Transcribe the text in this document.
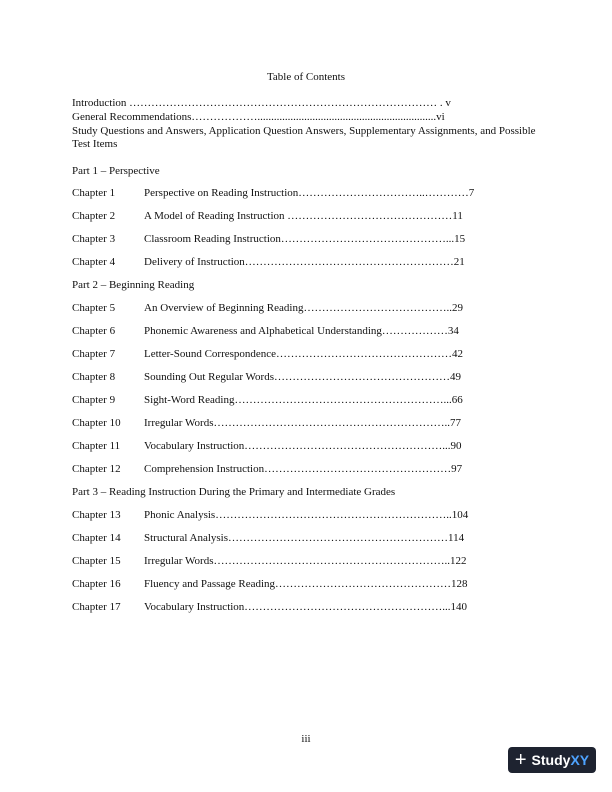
Table of Contents
Introduction ………………………………………………………………………… . v
General Recommendations……………….................................................................vi
Study Questions and Answers, Application Question Answers, Supplementary Assignments, and Possible Test Items
Part 1 – Perspective
Chapter 1	Perspective on Reading Instruction……………………………..…………7
Chapter 2	A Model of Reading Instruction ………………………………………11
Chapter 3	Classroom Reading Instruction………………………………………...15
Chapter 4	Delivery of Instruction…………………………………………………21
Part 2 – Beginning Reading
Chapter 5	An Overview of Beginning Reading…………………………………..29
Chapter 6	Phonemic Awareness and Alphabetical Understanding………………34
Chapter 7	Letter-Sound Correspondence…………………………………………42
Chapter 8	Sounding Out Regular Words…………………………………………49
Chapter 9	Sight-Word Reading…………………………………………………...66
Chapter 10 Irregular Words………………………………………………………..77
Chapter 11 Vocabulary Instruction………………………………………………...90
Chapter 12 Comprehension Instruction……………………………………………97
Part 3 – Reading Instruction During the Primary and Intermediate Grades
Chapter 13 Phonic Analysis………………………………………………………..104
Chapter 14 Structural Analysis……………………………………………………114
Chapter 15 Irregular Words………………………………………………………..122
Chapter 16 Fluency and Passage Reading…………………………………………128
Chapter 17 Vocabulary Instruction………………………………………………...140
iii
+ Study XY
